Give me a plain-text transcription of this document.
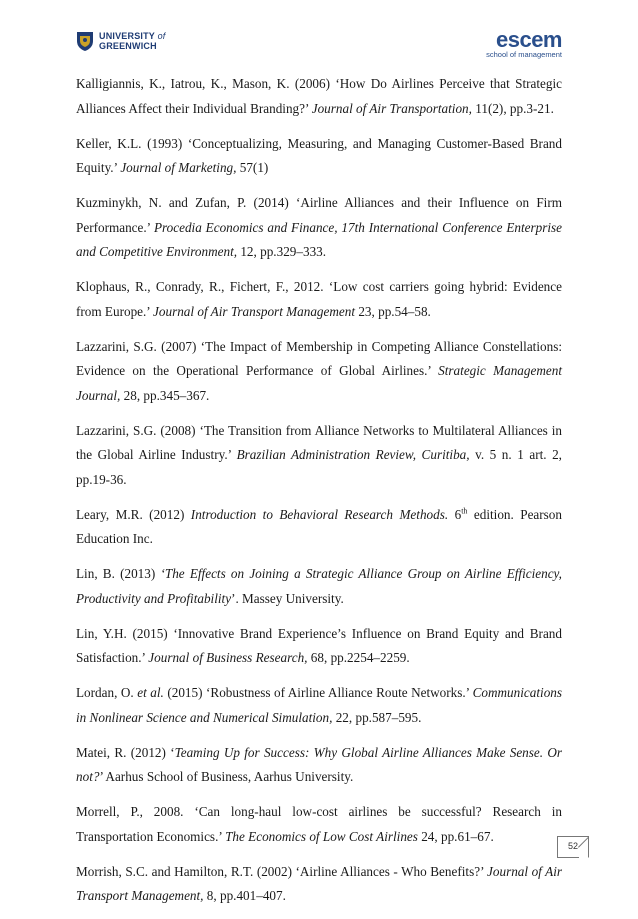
UNIVERSITY of
GREENWICH	escem
school of management

Kalligiannis, K., Iatrou, K., Mason, K. (2006) ‘How Do Airlines Perceive that Strategic Alliances Affect their Individual Branding?’ Journal of Air Transportation, 11(2), pp.3-21.

Keller, K.L. (1993) ‘Conceptualizing, Measuring, and Managing Customer-Based Brand Equity.’ Journal of Marketing, 57(1)

Kuzminykh, N. and Zufan, P. (2014) ‘Airline Alliances and their Influence on Firm Performance.’ Procedia Economics and Finance, 17th International Conference Enterprise and Competitive Environment, 12, pp.329–333.

Klophaus, R., Conrady, R., Fichert, F., 2012. ‘Low cost carriers going hybrid: Evidence from Europe.’ Journal of Air Transport Management 23, pp.54–58.

Lazzarini, S.G. (2007) ‘The Impact of Membership in Competing Alliance Constellations: Evidence on the Operational Performance of Global Airlines.’ Strategic Management Journal, 28, pp.345–367.

Lazzarini, S.G. (2008) ‘The Transition from Alliance Networks to Multilateral Alliances in the Global Airline Industry.’ Brazilian Administration Review, Curitiba, v. 5 n. 1 art. 2, pp.19-36.

Leary, M.R. (2012) Introduction to Behavioral Research Methods. 6th edition. Pearson Education Inc.

Lin, B. (2013) ‘The Effects on Joining a Strategic Alliance Group on Airline Efficiency, Productivity and Profitability’. Massey University.

Lin, Y.H. (2015) ‘Innovative Brand Experience’s Influence on Brand Equity and Brand Satisfaction.’ Journal of Business Research, 68, pp.2254–2259.

Lordan, O. et al. (2015) ‘Robustness of Airline Alliance Route Networks.’ Communications in Nonlinear Science and Numerical Simulation, 22, pp.587–595.

Matei, R. (2012) ‘Teaming Up for Success: Why Global Airline Alliances Make Sense. Or not?’ Aarhus School of Business, Aarhus University.

Morrell, P., 2008. ‘Can long-haul low-cost airlines be successful? Research in Transportation Economics.’ The Economics of Low Cost Airlines 24, pp.61–67.

Morrish, S.C. and Hamilton, R.T. (2002) ‘Airline Alliances - Who Benefits?’ Journal of Air Transport Management, 8, pp.401–407.

52
